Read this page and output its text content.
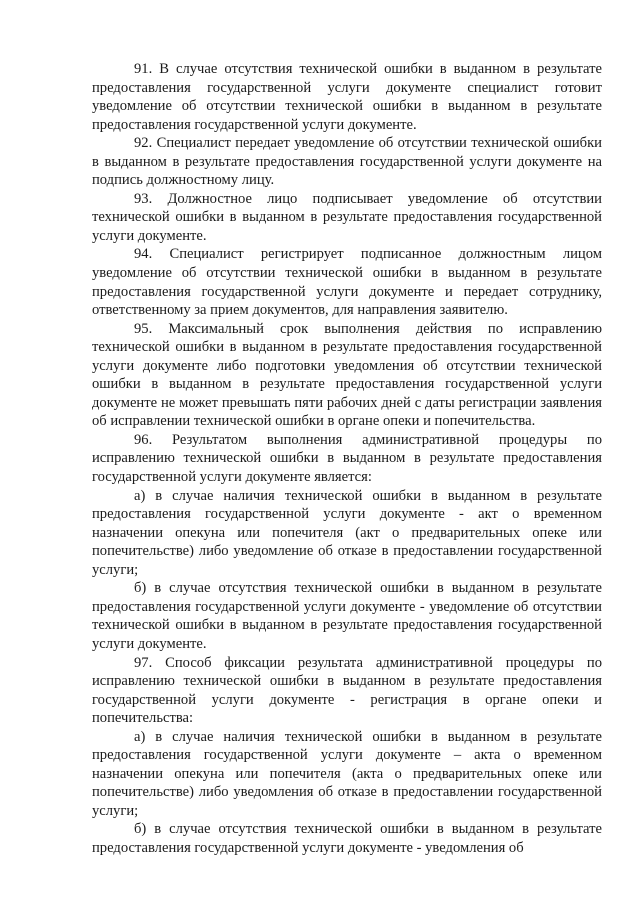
91. В случае отсутствия технической ошибки в выданном в результате предоставления государственной услуги документе специалист готовит уведомление об отсутствии технической ошибки в выданном в результате предоставления государственной услуги документе.

92. Специалист передает уведомление об отсутствии технической ошибки в выданном в результате предоставления государственной услуги документе на подпись должностному лицу.

93. Должностное лицо подписывает уведомление об отсутствии технической ошибки в выданном в результате предоставления государственной услуги документе.

94. Специалист регистрирует подписанное должностным лицом уведомление об отсутствии технической ошибки в выданном в результате предоставления государственной услуги документе и передает сотруднику, ответственному за прием документов, для направления заявителю.

95. Максимальный срок выполнения действия по исправлению технической ошибки в выданном в результате предоставления государственной услуги документе либо подготовки уведомления об отсутствии технической ошибки в выданном в результате предоставления государственной услуги документе не может превышать пяти рабочих дней с даты регистрации заявления об исправлении технической ошибки в органе опеки и попечительства.

96. Результатом выполнения административной процедуры по исправлению технической ошибки в выданном в результате предоставления государственной услуги документе является:

а) в случае наличия технической ошибки в выданном в результате предоставления государственной услуги документе - акт о временном назначении опекуна или попечителя (акт о предварительных опеке или попечительстве) либо уведомление об отказе в предоставлении государственной услуги;

б) в случае отсутствия технической ошибки в выданном в результате предоставления государственной услуги документе - уведомление об отсутствии технической ошибки в выданном в результате предоставления государственной услуги документе.

97. Способ фиксации результата административной процедуры по исправлению технической ошибки в выданном в результате предоставления государственной услуги документе - регистрация в органе опеки и попечительства:

а) в случае наличия технической ошибки в выданном в результате предоставления государственной услуги документе – акта о временном назначении опекуна или попечителя (акта о предварительных опеке или попечительстве) либо уведомления об отказе в предоставлении государственной услуги;

б) в случае отсутствия технической ошибки в выданном в результате предоставления государственной услуги документе - уведомления об
